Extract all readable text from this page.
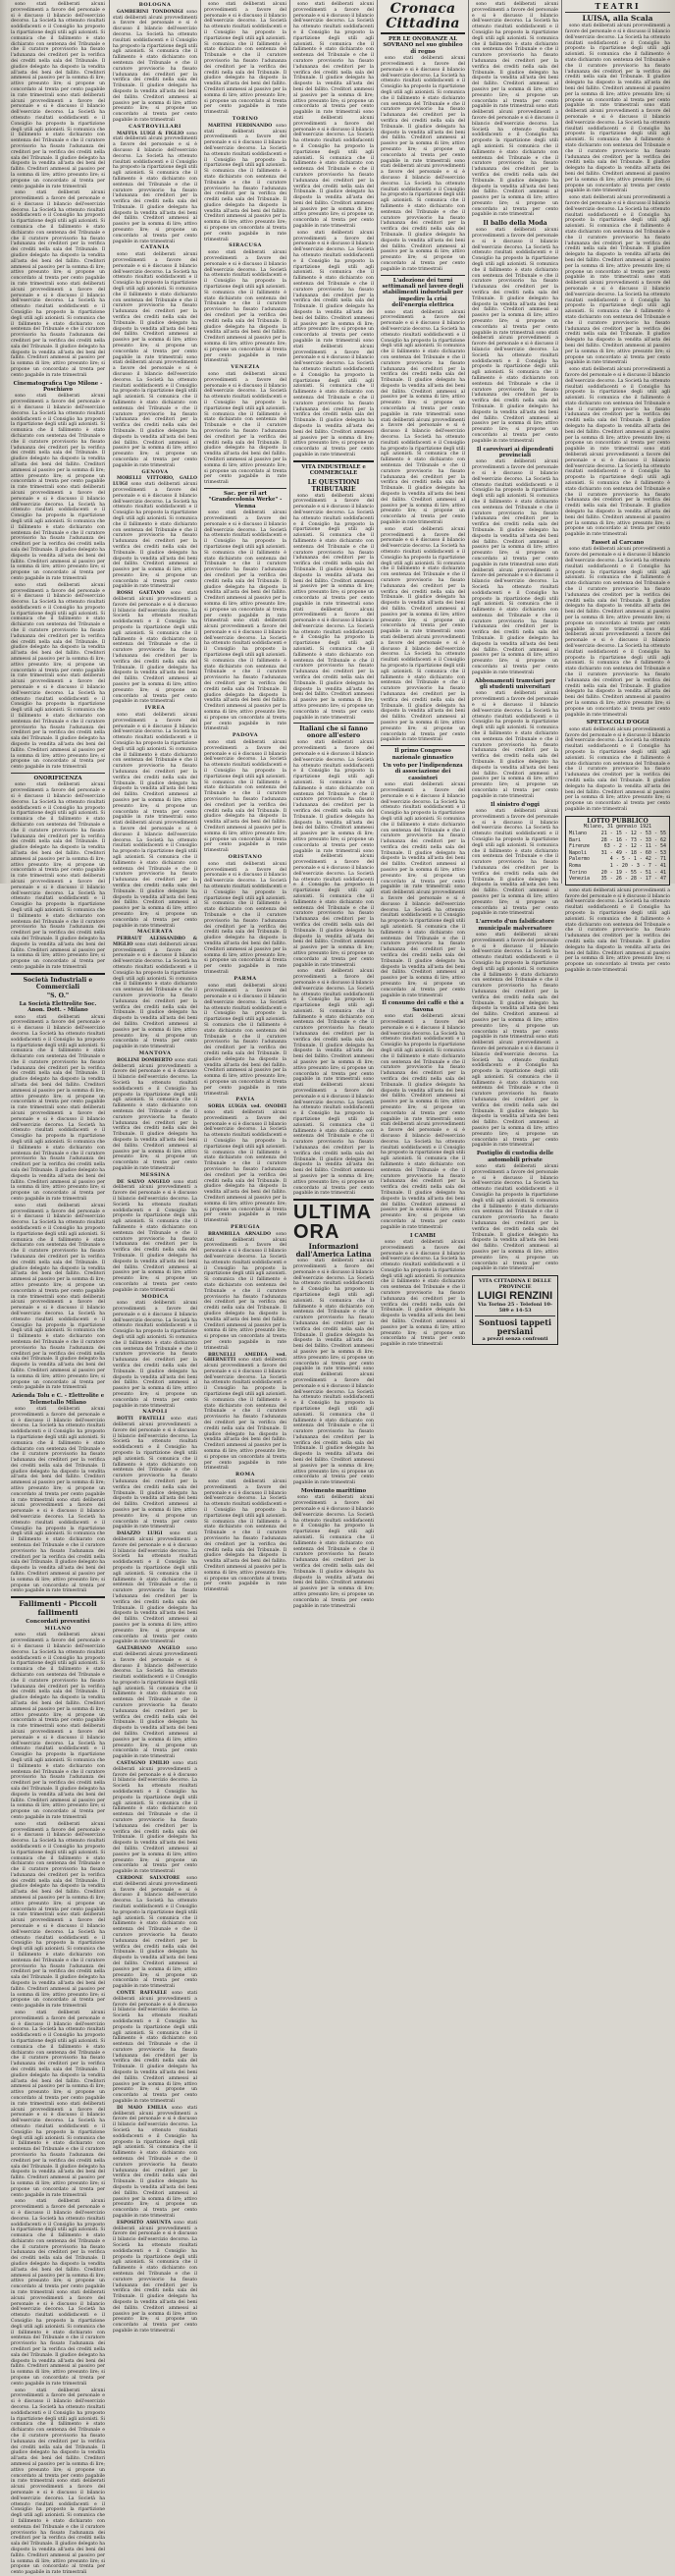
sono stati deliberati alcuni provvedimenti a favore del personale e si è discusso il bilancio dell'esercizio decorso. La Società ha ottenuto risultati soddisfacenti e il Consiglio ha proposto la ripartizione degli utili agli azionisti. Si comunica che il fallimento è stato dichiarato con sentenza del Tribunale e che il curatore provvisorio ha fissato l'adunanza dei creditori per la verifica dei crediti nella sala del Tribunale. Il giudice delegato ha disposto la vendita all'asta dei beni del fallito. Creditori ammessi al passivo per la somma di lire; attivo presunto lire; si propone un concordato al trenta per cento pagabile in rate trimestrali sono stati deliberati alcuni provvedimenti a favore del personale e si è discusso il bilancio dell'esercizio decorso. La Società ha ottenuto risultati soddisfacenti e il Consiglio ha proposto la ripartizione degli utili agli azionisti. Si comunica che il fallimento è stato dichiarato con sentenza del Tribunale e che il curatore provvisorio ha fissato l'adunanza dei creditori per la verifica dei crediti nella sala del Tribunale. Il giudice delegato ha disposto la vendita all'asta dei beni del fallito. Creditori ammessi al passivo per la somma di lire; attivo presunto lire; si propone un concordato al trenta per cento pagabile in rate trimestrali

sono stati deliberati alcuni provvedimenti a favore del personale e si è discusso il bilancio dell'esercizio decorso. La Società ha ottenuto risultati soddisfacenti e il Consiglio ha proposto la ripartizione degli utili agli azionisti. Si comunica che il fallimento è stato dichiarato con sentenza del Tribunale e che il curatore provvisorio ha fissato l'adunanza dei creditori per la verifica dei crediti nella sala del Tribunale. Il giudice delegato ha disposto la vendita all'asta dei beni del fallito. Creditori ammessi al passivo per la somma di lire; attivo presunto lire; si propone un concordato al trenta per cento pagabile in rate trimestrali sono stati deliberati alcuni provvedimenti a favore del personale e si è discusso il bilancio dell'esercizio decorso. La Società ha ottenuto risultati soddisfacenti e il Consiglio ha proposto la ripartizione degli utili agli azionisti. Si comunica che il fallimento è stato dichiarato con sentenza del Tribunale e che il curatore provvisorio ha fissato l'adunanza dei creditori per la verifica dei crediti nella sala del Tribunale. Il giudice delegato ha disposto la vendita all'asta dei beni del fallito. Creditori ammessi al passivo per la somma di lire; attivo presunto lire; si propone un concordato al trenta per cento pagabile in rate trimestrali

Cinematografica Ugo Milone - Poschiavo

sono stati deliberati alcuni provvedimenti a favore del personale e si è discusso il bilancio dell'esercizio decorso. La Società ha ottenuto risultati soddisfacenti e il Consiglio ha proposto la ripartizione degli utili agli azionisti. Si comunica che il fallimento è stato dichiarato con sentenza del Tribunale e che il curatore provvisorio ha fissato l'adunanza dei creditori per la verifica dei crediti nella sala del Tribunale. Il giudice delegato ha disposto la vendita all'asta dei beni del fallito. Creditori ammessi al passivo per la somma di lire; attivo presunto lire; si propone un concordato al trenta per cento pagabile in rate trimestrali sono stati deliberati alcuni provvedimenti a favore del personale e si è discusso il bilancio dell'esercizio decorso. La Società ha ottenuto risultati soddisfacenti e il Consiglio ha proposto la ripartizione degli utili agli azionisti. Si comunica che il fallimento è stato dichiarato con sentenza del Tribunale e che il curatore provvisorio ha fissato l'adunanza dei creditori per la verifica dei crediti nella sala del Tribunale. Il giudice delegato ha disposto la vendita all'asta dei beni del fallito. Creditori ammessi al passivo per la somma di lire; attivo presunto lire; si propone un concordato al trenta per cento pagabile in rate trimestrali

sono stati deliberati alcuni provvedimenti a favore del personale e si è discusso il bilancio dell'esercizio decorso. La Società ha ottenuto risultati soddisfacenti e il Consiglio ha proposto la ripartizione degli utili agli azionisti. Si comunica che il fallimento è stato dichiarato con sentenza del Tribunale e che il curatore provvisorio ha fissato l'adunanza dei creditori per la verifica dei crediti nella sala del Tribunale. Il giudice delegato ha disposto la vendita all'asta dei beni del fallito. Creditori ammessi al passivo per la somma di lire; attivo presunto lire; si propone un concordato al trenta per cento pagabile in rate trimestrali sono stati deliberati alcuni provvedimenti a favore del personale e si è discusso il bilancio dell'esercizio decorso. La Società ha ottenuto risultati soddisfacenti e il Consiglio ha proposto la ripartizione degli utili agli azionisti. Si comunica che il fallimento è stato dichiarato con sentenza del Tribunale e che il curatore provvisorio ha fissato l'adunanza dei creditori per la verifica dei crediti nella sala del Tribunale. Il giudice delegato ha disposto la vendita all'asta dei beni del fallito. Creditori ammessi al passivo per la somma di lire; attivo presunto lire; si propone un concordato al trenta per cento pagabile in rate trimestrali

ONORIFICENZA

sono stati deliberati alcuni provvedimenti a favore del personale e si è discusso il bilancio dell'esercizio decorso. La Società ha ottenuto risultati soddisfacenti e il Consiglio ha proposto la ripartizione degli utili agli azionisti. Si comunica che il fallimento è stato dichiarato con sentenza del Tribunale e che il curatore provvisorio ha fissato l'adunanza dei creditori per la verifica dei crediti nella sala del Tribunale. Il giudice delegato ha disposto la vendita all'asta dei beni del fallito. Creditori ammessi al passivo per la somma di lire; attivo presunto lire; si propone un concordato al trenta per cento pagabile in rate trimestrali sono stati deliberati alcuni provvedimenti a favore del personale e si è discusso il bilancio dell'esercizio decorso. La Società ha ottenuto risultati soddisfacenti e il Consiglio ha proposto la ripartizione degli utili agli azionisti. Si comunica che il fallimento è stato dichiarato con sentenza del Tribunale e che il curatore provvisorio ha fissato l'adunanza dei creditori per la verifica dei crediti nella sala del Tribunale. Il giudice delegato ha disposto la vendita all'asta dei beni del fallito. Creditori ammessi al passivo per la somma di lire; attivo presunto lire; si propone un concordato al trenta per cento pagabile in rate trimestrali

Società Industriali e Commerciali
"S. O."
La Società Elettrolite Soc. Anon. Dott. - Milano

sono stati deliberati alcuni provvedimenti a favore del personale e si è discusso il bilancio dell'esercizio decorso. La Società ha ottenuto risultati soddisfacenti e il Consiglio ha proposto la ripartizione degli utili agli azionisti. Si comunica che il fallimento è stato dichiarato con sentenza del Tribunale e che il curatore provvisorio ha fissato l'adunanza dei creditori per la verifica dei crediti nella sala del Tribunale. Il giudice delegato ha disposto la vendita all'asta dei beni del fallito. Creditori ammessi al passivo per la somma di lire; attivo presunto lire; si propone un concordato al trenta per cento pagabile in rate trimestrali sono stati deliberati alcuni provvedimenti a favore del personale e si è discusso il bilancio dell'esercizio decorso. La Società ha ottenuto risultati soddisfacenti e il Consiglio ha proposto la ripartizione degli utili agli azionisti. Si comunica che il fallimento è stato dichiarato con sentenza del Tribunale e che il curatore provvisorio ha fissato l'adunanza dei creditori per la verifica dei crediti nella sala del Tribunale. Il giudice delegato ha disposto la vendita all'asta dei beni del fallito. Creditori ammessi al passivo per la somma di lire; attivo presunto lire; si propone un concordato al trenta per cento pagabile in rate trimestrali

sono stati deliberati alcuni provvedimenti a favore del personale e si è discusso il bilancio dell'esercizio decorso. La Società ha ottenuto risultati soddisfacenti e il Consiglio ha proposto la ripartizione degli utili agli azionisti. Si comunica che il fallimento è stato dichiarato con sentenza del Tribunale e che il curatore provvisorio ha fissato l'adunanza dei creditori per la verifica dei crediti nella sala del Tribunale. Il giudice delegato ha disposto la vendita all'asta dei beni del fallito. Creditori ammessi al passivo per la somma di lire; attivo presunto lire; si propone un concordato al trenta per cento pagabile in rate trimestrali sono stati deliberati alcuni provvedimenti a favore del personale e si è discusso il bilancio dell'esercizio decorso. La Società ha ottenuto risultati soddisfacenti e il Consiglio ha proposto la ripartizione degli utili agli azionisti. Si comunica che il fallimento è stato dichiarato con sentenza del Tribunale e che il curatore provvisorio ha fissato l'adunanza dei creditori per la verifica dei crediti nella sala del Tribunale. Il giudice delegato ha disposto la vendita all'asta dei beni del fallito. Creditori ammessi al passivo per la somma di lire; attivo presunto lire; si propone un concordato al trenta per cento pagabile in rate trimestrali

Azienda Tolu e C. - Elettrolite e Telemetallo Milano

sono stati deliberati alcuni provvedimenti a favore del personale e si è discusso il bilancio dell'esercizio decorso. La Società ha ottenuto risultati soddisfacenti e il Consiglio ha proposto la ripartizione degli utili agli azionisti. Si comunica che il fallimento è stato dichiarato con sentenza del Tribunale e che il curatore provvisorio ha fissato l'adunanza dei creditori per la verifica dei crediti nella sala del Tribunale. Il giudice delegato ha disposto la vendita all'asta dei beni del fallito. Creditori ammessi al passivo per la somma di lire; attivo presunto lire; si propone un concordato al trenta per cento pagabile in rate trimestrali sono stati deliberati alcuni provvedimenti a favore del personale e si è discusso il bilancio dell'esercizio decorso. La Società ha ottenuto risultati soddisfacenti e il Consiglio ha proposto la ripartizione degli utili agli azionisti. Si comunica che il fallimento è stato dichiarato con sentenza del Tribunale e che il curatore provvisorio ha fissato l'adunanza dei creditori per la verifica dei crediti nella sala del Tribunale. Il giudice delegato ha disposto la vendita all'asta dei beni del fallito. Creditori ammessi al passivo per la somma di lire; attivo presunto lire; si propone un concordato al trenta per cento pagabile in rate trimestrali

Fallimenti - Piccoli fallimenti
Concordati preventivi
MILANO

sono stati deliberati alcuni provvedimenti a favore del personale e si è discusso il bilancio dell'esercizio decorso. La Società ha ottenuto risultati soddisfacenti e il Consiglio ha proposto la ripartizione degli utili agli azionisti. Si comunica che il fallimento è stato dichiarato con sentenza del Tribunale e che il curatore provvisorio ha fissato l'adunanza dei creditori per la verifica dei crediti nella sala del Tribunale. Il giudice delegato ha disposto la vendita all'asta dei beni del fallito. Creditori ammessi al passivo per la somma di lire; attivo presunto lire; si propone un concordato al trenta per cento pagabile in rate trimestrali sono stati deliberati alcuni provvedimenti a favore del personale e si è discusso il bilancio dell'esercizio decorso. La Società ha ottenuto risultati soddisfacenti e il Consiglio ha proposto la ripartizione degli utili agli azionisti. Si comunica che il fallimento è stato dichiarato con sentenza del Tribunale e che il curatore provvisorio ha fissato l'adunanza dei creditori per la verifica dei crediti nella sala del Tribunale. Il giudice delegato ha disposto la vendita all'asta dei beni del fallito. Creditori ammessi al passivo per la somma di lire; attivo presunto lire; si propone un concordato al trenta per cento pagabile in rate trimestrali

sono stati deliberati alcuni provvedimenti a favore del personale e si è discusso il bilancio dell'esercizio decorso. La Società ha ottenuto risultati soddisfacenti e il Consiglio ha proposto la ripartizione degli utili agli azionisti. Si comunica che il fallimento è stato dichiarato con sentenza del Tribunale e che il curatore provvisorio ha fissato l'adunanza dei creditori per la verifica dei crediti nella sala del Tribunale. Il giudice delegato ha disposto la vendita all'asta dei beni del fallito. Creditori ammessi al passivo per la somma di lire; attivo presunto lire; si propone un concordato al trenta per cento pagabile in rate trimestrali sono stati deliberati alcuni provvedimenti a favore del personale e si è discusso il bilancio dell'esercizio decorso. La Società ha ottenuto risultati soddisfacenti e il Consiglio ha proposto la ripartizione degli utili agli azionisti. Si comunica che il fallimento è stato dichiarato con sentenza del Tribunale e che il curatore provvisorio ha fissato l'adunanza dei creditori per la verifica dei crediti nella sala del Tribunale. Il giudice delegato ha disposto la vendita all'asta dei beni del fallito. Creditori ammessi al passivo per la somma di lire; attivo presunto lire; si propone un concordato al trenta per cento pagabile in rate trimestrali

sono stati deliberati alcuni provvedimenti a favore del personale e si è discusso il bilancio dell'esercizio decorso. La Società ha ottenuto risultati soddisfacenti e il Consiglio ha proposto la ripartizione degli utili agli azionisti. Si comunica che il fallimento è stato dichiarato con sentenza del Tribunale e che il curatore provvisorio ha fissato l'adunanza dei creditori per la verifica dei crediti nella sala del Tribunale. Il giudice delegato ha disposto la vendita all'asta dei beni del fallito. Creditori ammessi al passivo per la somma di lire; attivo presunto lire; si propone un concordato al trenta per cento pagabile in rate trimestrali sono stati deliberati alcuni provvedimenti a favore del personale e si è discusso il bilancio dell'esercizio decorso. La Società ha ottenuto risultati soddisfacenti e il Consiglio ha proposto la ripartizione degli utili agli azionisti. Si comunica che il fallimento è stato dichiarato con sentenza del Tribunale e che il curatore provvisorio ha fissato l'adunanza dei creditori per la verifica dei crediti nella sala del Tribunale. Il giudice delegato ha disposto la vendita all'asta dei beni del fallito. Creditori ammessi al passivo per la somma di lire; attivo presunto lire; si propone un concordato al trenta per cento pagabile in rate trimestrali

sono stati deliberati alcuni provvedimenti a favore del personale e si è discusso il bilancio dell'esercizio decorso. La Società ha ottenuto risultati soddisfacenti e il Consiglio ha proposto la ripartizione degli utili agli azionisti. Si comunica che il fallimento è stato dichiarato con sentenza del Tribunale e che il curatore provvisorio ha fissato l'adunanza dei creditori per la verifica dei crediti nella sala del Tribunale. Il giudice delegato ha disposto la vendita all'asta dei beni del fallito. Creditori ammessi al passivo per la somma di lire; attivo presunto lire; si propone un concordato al trenta per cento pagabile in rate trimestrali sono stati deliberati alcuni provvedimenti a favore del personale e si è discusso il bilancio dell'esercizio decorso. La Società ha ottenuto risultati soddisfacenti e il Consiglio ha proposto la ripartizione degli utili agli azionisti. Si comunica che il fallimento è stato dichiarato con sentenza del Tribunale e che il curatore provvisorio ha fissato l'adunanza dei creditori per la verifica dei crediti nella sala del Tribunale. Il giudice delegato ha disposto la vendita all'asta dei beni del fallito. Creditori ammessi al passivo per la somma di lire; attivo presunto lire; si propone un concordato al trenta per cento pagabile in rate trimestrali

sono stati deliberati alcuni provvedimenti a favore del personale e si è discusso il bilancio dell'esercizio decorso. La Società ha ottenuto risultati soddisfacenti e il Consiglio ha proposto la ripartizione degli utili agli azionisti. Si comunica che il fallimento è stato dichiarato con sentenza del Tribunale e che il curatore provvisorio ha fissato l'adunanza dei creditori per la verifica dei crediti nella sala del Tribunale. Il giudice delegato ha disposto la vendita all'asta dei beni del fallito. Creditori ammessi al passivo per la somma di lire; attivo presunto lire; si propone un concordato al trenta per cento pagabile in rate trimestrali sono stati deliberati alcuni provvedimenti a favore del personale e si è discusso il bilancio dell'esercizio decorso. La Società ha ottenuto risultati soddisfacenti e il Consiglio ha proposto la ripartizione degli utili agli azionisti. Si comunica che il fallimento è stato dichiarato con sentenza del Tribunale e che il curatore provvisorio ha fissato l'adunanza dei creditori per la verifica dei crediti nella sala del Tribunale. Il giudice delegato ha disposto la vendita all'asta dei beni del fallito. Creditori ammessi al passivo per la somma di lire; attivo presunto lire; si propone un concordato al trenta per cento pagabile in rate trimestrali

BOLOGNA

GAMBERINI TONDONIGI sono stati deliberati alcuni provvedimenti a favore del personale e si è discusso il bilancio dell'esercizio decorso. La Società ha ottenuto risultati soddisfacenti e il Consiglio ha proposto la ripartizione degli utili agli azionisti. Si comunica che il fallimento è stato dichiarato con sentenza del Tribunale e che il curatore provvisorio ha fissato l'adunanza dei creditori per la verifica dei crediti nella sala del Tribunale. Il giudice delegato ha disposto la vendita all'asta dei beni del fallito. Creditori ammessi al passivo per la somma di lire; attivo presunto lire; si propone un concordato al trenta per cento pagabile in rate trimestrali

CASTROVILLARI

MAFFIA LUIGI & FIGLIO sono stati deliberati alcuni provvedimenti a favore del personale e si è discusso il bilancio dell'esercizio decorso. La Società ha ottenuto risultati soddisfacenti e il Consiglio ha proposto la ripartizione degli utili agli azionisti. Si comunica che il fallimento è stato dichiarato con sentenza del Tribunale e che il curatore provvisorio ha fissato l'adunanza dei creditori per la verifica dei crediti nella sala del Tribunale. Il giudice delegato ha disposto la vendita all'asta dei beni del fallito. Creditori ammessi al passivo per la somma di lire; attivo presunto lire; si propone un concordato al trenta per cento pagabile in rate trimestrali

CATANIA

sono stati deliberati alcuni provvedimenti a favore del personale e si è discusso il bilancio dell'esercizio decorso. La Società ha ottenuto risultati soddisfacenti e il Consiglio ha proposto la ripartizione degli utili agli azionisti. Si comunica che il fallimento è stato dichiarato con sentenza del Tribunale e che il curatore provvisorio ha fissato l'adunanza dei creditori per la verifica dei crediti nella sala del Tribunale. Il giudice delegato ha disposto la vendita all'asta dei beni del fallito. Creditori ammessi al passivo per la somma di lire; attivo presunto lire; si propone un concordato al trenta per cento pagabile in rate trimestrali sono stati deliberati alcuni provvedimenti a favore del personale e si è discusso il bilancio dell'esercizio decorso. La Società ha ottenuto risultati soddisfacenti e il Consiglio ha proposto la ripartizione degli utili agli azionisti. Si comunica che il fallimento è stato dichiarato con sentenza del Tribunale e che il curatore provvisorio ha fissato l'adunanza dei creditori per la verifica dei crediti nella sala del Tribunale. Il giudice delegato ha disposto la vendita all'asta dei beni del fallito. Creditori ammessi al passivo per la somma di lire; attivo presunto lire; si propone un concordato al trenta per cento pagabile in rate trimestrali

GENOVA

MORELLI VITTORIO, GALLO LUIGI sono stati deliberati alcuni provvedimenti a favore del personale e si è discusso il bilancio dell'esercizio decorso. La Società ha ottenuto risultati soddisfacenti e il Consiglio ha proposto la ripartizione degli utili agli azionisti. Si comunica che il fallimento è stato dichiarato con sentenza del Tribunale e che il curatore provvisorio ha fissato l'adunanza dei creditori per la verifica dei crediti nella sala del Tribunale. Il giudice delegato ha disposto la vendita all'asta dei beni del fallito. Creditori ammessi al passivo per la somma di lire; attivo presunto lire; si propone un concordato al trenta per cento pagabile in rate trimestrali

ROSSI GAETANO sono stati deliberati alcuni provvedimenti a favore del personale e si è discusso il bilancio dell'esercizio decorso. La Società ha ottenuto risultati soddisfacenti e il Consiglio ha proposto la ripartizione degli utili agli azionisti. Si comunica che il fallimento è stato dichiarato con sentenza del Tribunale e che il curatore provvisorio ha fissato l'adunanza dei creditori per la verifica dei crediti nella sala del Tribunale. Il giudice delegato ha disposto la vendita all'asta dei beni del fallito. Creditori ammessi al passivo per la somma di lire; attivo presunto lire; si propone un concordato al trenta per cento pagabile in rate trimestrali

IVREA

sono stati deliberati alcuni provvedimenti a favore del personale e si è discusso il bilancio dell'esercizio decorso. La Società ha ottenuto risultati soddisfacenti e il Consiglio ha proposto la ripartizione degli utili agli azionisti. Si comunica che il fallimento è stato dichiarato con sentenza del Tribunale e che il curatore provvisorio ha fissato l'adunanza dei creditori per la verifica dei crediti nella sala del Tribunale. Il giudice delegato ha disposto la vendita all'asta dei beni del fallito. Creditori ammessi al passivo per la somma di lire; attivo presunto lire; si propone un concordato al trenta per cento pagabile in rate trimestrali sono stati deliberati alcuni provvedimenti a favore del personale e si è discusso il bilancio dell'esercizio decorso. La Società ha ottenuto risultati soddisfacenti e il Consiglio ha proposto la ripartizione degli utili agli azionisti. Si comunica che il fallimento è stato dichiarato con sentenza del Tribunale e che il curatore provvisorio ha fissato l'adunanza dei creditori per la verifica dei crediti nella sala del Tribunale. Il giudice delegato ha disposto la vendita all'asta dei beni del fallito. Creditori ammessi al passivo per la somma di lire; attivo presunto lire; si propone un concordato al trenta per cento pagabile in rate trimestrali

MACERATA

PERRAUT ALESSANDRO & MIGLIO sono stati deliberati alcuni provvedimenti a favore del personale e si è discusso il bilancio dell'esercizio decorso. La Società ha ottenuto risultati soddisfacenti e il Consiglio ha proposto la ripartizione degli utili agli azionisti. Si comunica che il fallimento è stato dichiarato con sentenza del Tribunale e che il curatore provvisorio ha fissato l'adunanza dei creditori per la verifica dei crediti nella sala del Tribunale. Il giudice delegato ha disposto la vendita all'asta dei beni del fallito. Creditori ammessi al passivo per la somma di lire; attivo presunto lire; si propone un concordato al trenta per cento pagabile in rate trimestrali

MANTOVA

BOLLINI DOMBERTO sono stati deliberati alcuni provvedimenti a favore del personale e si è discusso il bilancio dell'esercizio decorso. La Società ha ottenuto risultati soddisfacenti e il Consiglio ha proposto la ripartizione degli utili agli azionisti. Si comunica che il fallimento è stato dichiarato con sentenza del Tribunale e che il curatore provvisorio ha fissato l'adunanza dei creditori per la verifica dei crediti nella sala del Tribunale. Il giudice delegato ha disposto la vendita all'asta dei beni del fallito. Creditori ammessi al passivo per la somma di lire; attivo presunto lire; si propone un concordato al trenta per cento pagabile in rate trimestrali

MESSINA

DE SALVO ANGELO sono stati deliberati alcuni provvedimenti a favore del personale e si è discusso il bilancio dell'esercizio decorso. La Società ha ottenuto risultati soddisfacenti e il Consiglio ha proposto la ripartizione degli utili agli azionisti. Si comunica che il fallimento è stato dichiarato con sentenza del Tribunale e che il curatore provvisorio ha fissato l'adunanza dei creditori per la verifica dei crediti nella sala del Tribunale. Il giudice delegato ha disposto la vendita all'asta dei beni del fallito. Creditori ammessi al passivo per la somma di lire; attivo presunto lire; si propone un concordato al trenta per cento pagabile in rate trimestrali

MODICA

sono stati deliberati alcuni provvedimenti a favore del personale e si è discusso il bilancio dell'esercizio decorso. La Società ha ottenuto risultati soddisfacenti e il Consiglio ha proposto la ripartizione degli utili agli azionisti. Si comunica che il fallimento è stato dichiarato con sentenza del Tribunale e che il curatore provvisorio ha fissato l'adunanza dei creditori per la verifica dei crediti nella sala del Tribunale. Il giudice delegato ha disposto la vendita all'asta dei beni del fallito. Creditori ammessi al passivo per la somma di lire; attivo presunto lire; si propone un concordato al trenta per cento pagabile in rate trimestrali

NAPOLI

BOTTI FRATELLI sono stati deliberati alcuni provvedimenti a favore del personale e si è discusso il bilancio dell'esercizio decorso. La Società ha ottenuto risultati soddisfacenti e il Consiglio ha proposto la ripartizione degli utili agli azionisti. Si comunica che il fallimento è stato dichiarato con sentenza del Tribunale e che il curatore provvisorio ha fissato l'adunanza dei creditori per la verifica dei crediti nella sala del Tribunale. Il giudice delegato ha disposto la vendita all'asta dei beni del fallito. Creditori ammessi al passivo per la somma di lire; attivo presunto lire; si propone un concordato al trenta per cento pagabile in rate trimestrali

DAIAZZO LUIGI sono stati deliberati alcuni provvedimenti a favore del personale e si è discusso il bilancio dell'esercizio decorso. La Società ha ottenuto risultati soddisfacenti e il Consiglio ha proposto la ripartizione degli utili agli azionisti. Si comunica che il fallimento è stato dichiarato con sentenza del Tribunale e che il curatore provvisorio ha fissato l'adunanza dei creditori per la verifica dei crediti nella sala del Tribunale. Il giudice delegato ha disposto la vendita all'asta dei beni del fallito. Creditori ammessi al passivo per la somma di lire; attivo presunto lire; si propone un concordato al trenta per cento pagabile in rate trimestrali

GALTABIANO ANGELO sono stati deliberati alcuni provvedimenti a favore del personale e si è discusso il bilancio dell'esercizio decorso. La Società ha ottenuto risultati soddisfacenti e il Consiglio ha proposto la ripartizione degli utili agli azionisti. Si comunica che il fallimento è stato dichiarato con sentenza del Tribunale e che il curatore provvisorio ha fissato l'adunanza dei creditori per la verifica dei crediti nella sala del Tribunale. Il giudice delegato ha disposto la vendita all'asta dei beni del fallito. Creditori ammessi al passivo per la somma di lire; attivo presunto lire; si propone un concordato al trenta per cento pagabile in rate trimestrali

CASTAGNO EMILIO sono stati deliberati alcuni provvedimenti a favore del personale e si è discusso il bilancio dell'esercizio decorso. La Società ha ottenuto risultati soddisfacenti e il Consiglio ha proposto la ripartizione degli utili agli azionisti. Si comunica che il fallimento è stato dichiarato con sentenza del Tribunale e che il curatore provvisorio ha fissato l'adunanza dei creditori per la verifica dei crediti nella sala del Tribunale. Il giudice delegato ha disposto la vendita all'asta dei beni del fallito. Creditori ammessi al passivo per la somma di lire; attivo presunto lire; si propone un concordato al trenta per cento pagabile in rate trimestrali

CERDONE SALVATORE sono stati deliberati alcuni provvedimenti a favore del personale e si è discusso il bilancio dell'esercizio decorso. La Società ha ottenuto risultati soddisfacenti e il Consiglio ha proposto la ripartizione degli utili agli azionisti. Si comunica che il fallimento è stato dichiarato con sentenza del Tribunale e che il curatore provvisorio ha fissato l'adunanza dei creditori per la verifica dei crediti nella sala del Tribunale. Il giudice delegato ha disposto la vendita all'asta dei beni del fallito. Creditori ammessi al passivo per la somma di lire; attivo presunto lire; si propone un concordato al trenta per cento pagabile in rate trimestrali

CONTE RAFFAELE sono stati deliberati alcuni provvedimenti a favore del personale e si è discusso il bilancio dell'esercizio decorso. La Società ha ottenuto risultati soddisfacenti e il Consiglio ha proposto la ripartizione degli utili agli azionisti. Si comunica che il fallimento è stato dichiarato con sentenza del Tribunale e che il curatore provvisorio ha fissato l'adunanza dei creditori per la verifica dei crediti nella sala del Tribunale. Il giudice delegato ha disposto la vendita all'asta dei beni del fallito. Creditori ammessi al passivo per la somma di lire; attivo presunto lire; si propone un concordato al trenta per cento pagabile in rate trimestrali

DI MAIO EMILIA sono stati deliberati alcuni provvedimenti a favore del personale e si è discusso il bilancio dell'esercizio decorso. La Società ha ottenuto risultati soddisfacenti e il Consiglio ha proposto la ripartizione degli utili agli azionisti. Si comunica che il fallimento è stato dichiarato con sentenza del Tribunale e che il curatore provvisorio ha fissato l'adunanza dei creditori per la verifica dei crediti nella sala del Tribunale. Il giudice delegato ha disposto la vendita all'asta dei beni del fallito. Creditori ammessi al passivo per la somma di lire; attivo presunto lire; si propone un concordato al trenta per cento pagabile in rate trimestrali

ESPOSITO ASSUNTA sono stati deliberati alcuni provvedimenti a favore del personale e si è discusso il bilancio dell'esercizio decorso. La Società ha ottenuto risultati soddisfacenti e il Consiglio ha proposto la ripartizione degli utili agli azionisti. Si comunica che il fallimento è stato dichiarato con sentenza del Tribunale e che il curatore provvisorio ha fissato l'adunanza dei creditori per la verifica dei crediti nella sala del Tribunale. Il giudice delegato ha disposto la vendita all'asta dei beni del fallito. Creditori ammessi al passivo per la somma di lire; attivo presunto lire; si propone un concordato al trenta per cento pagabile in rate trimestrali

sono stati deliberati alcuni provvedimenti a favore del personale e si è discusso il bilancio dell'esercizio decorso. La Società ha ottenuto risultati soddisfacenti e il Consiglio ha proposto la ripartizione degli utili agli azionisti. Si comunica che il fallimento è stato dichiarato con sentenza del Tribunale e che il curatore provvisorio ha fissato l'adunanza dei creditori per la verifica dei crediti nella sala del Tribunale. Il giudice delegato ha disposto la vendita all'asta dei beni del fallito. Creditori ammessi al passivo per la somma di lire; attivo presunto lire; si propone un concordato al trenta per cento pagabile in rate trimestrali

TORINO

MARTINI FERDINANDO sono stati deliberati alcuni provvedimenti a favore del personale e si è discusso il bilancio dell'esercizio decorso. La Società ha ottenuto risultati soddisfacenti e il Consiglio ha proposto la ripartizione degli utili agli azionisti. Si comunica che il fallimento è stato dichiarato con sentenza del Tribunale e che il curatore provvisorio ha fissato l'adunanza dei creditori per la verifica dei crediti nella sala del Tribunale. Il giudice delegato ha disposto la vendita all'asta dei beni del fallito. Creditori ammessi al passivo per la somma di lire; attivo presunto lire; si propone un concordato al trenta per cento pagabile in rate trimestrali

SIRACUSA

sono stati deliberati alcuni provvedimenti a favore del personale e si è discusso il bilancio dell'esercizio decorso. La Società ha ottenuto risultati soddisfacenti e il Consiglio ha proposto la ripartizione degli utili agli azionisti. Si comunica che il fallimento è stato dichiarato con sentenza del Tribunale e che il curatore provvisorio ha fissato l'adunanza dei creditori per la verifica dei crediti nella sala del Tribunale. Il giudice delegato ha disposto la vendita all'asta dei beni del fallito. Creditori ammessi al passivo per la somma di lire; attivo presunto lire; si propone un concordato al trenta per cento pagabile in rate trimestrali

VENEZIA

sono stati deliberati alcuni provvedimenti a favore del personale e si è discusso il bilancio dell'esercizio decorso. La Società ha ottenuto risultati soddisfacenti e il Consiglio ha proposto la ripartizione degli utili agli azionisti. Si comunica che il fallimento è stato dichiarato con sentenza del Tribunale e che il curatore provvisorio ha fissato l'adunanza dei creditori per la verifica dei crediti nella sala del Tribunale. Il giudice delegato ha disposto la vendita all'asta dei beni del fallito. Creditori ammessi al passivo per la somma di lire; attivo presunto lire; si propone un concordato al trenta per cento pagabile in rate trimestrali

Sac. per ril art "Grandecolonia Werke" - Vienna

sono stati deliberati alcuni provvedimenti a favore del personale e si è discusso il bilancio dell'esercizio decorso. La Società ha ottenuto risultati soddisfacenti e il Consiglio ha proposto la ripartizione degli utili agli azionisti. Si comunica che il fallimento è stato dichiarato con sentenza del Tribunale e che il curatore provvisorio ha fissato l'adunanza dei creditori per la verifica dei crediti nella sala del Tribunale. Il giudice delegato ha disposto la vendita all'asta dei beni del fallito. Creditori ammessi al passivo per la somma di lire; attivo presunto lire; si propone un concordato al trenta per cento pagabile in rate trimestrali sono stati deliberati alcuni provvedimenti a favore del personale e si è discusso il bilancio dell'esercizio decorso. La Società ha ottenuto risultati soddisfacenti e il Consiglio ha proposto la ripartizione degli utili agli azionisti. Si comunica che il fallimento è stato dichiarato con sentenza del Tribunale e che il curatore provvisorio ha fissato l'adunanza dei creditori per la verifica dei crediti nella sala del Tribunale. Il giudice delegato ha disposto la vendita all'asta dei beni del fallito. Creditori ammessi al passivo per la somma di lire; attivo presunto lire; si propone un concordato al trenta per cento pagabile in rate trimestrali

PADOVA

sono stati deliberati alcuni provvedimenti a favore del personale e si è discusso il bilancio dell'esercizio decorso. La Società ha ottenuto risultati soddisfacenti e il Consiglio ha proposto la ripartizione degli utili agli azionisti. Si comunica che il fallimento è stato dichiarato con sentenza del Tribunale e che il curatore provvisorio ha fissato l'adunanza dei creditori per la verifica dei crediti nella sala del Tribunale. Il giudice delegato ha disposto la vendita all'asta dei beni del fallito. Creditori ammessi al passivo per la somma di lire; attivo presunto lire; si propone un concordato al trenta per cento pagabile in rate trimestrali

ORISTANO

sono stati deliberati alcuni provvedimenti a favore del personale e si è discusso il bilancio dell'esercizio decorso. La Società ha ottenuto risultati soddisfacenti e il Consiglio ha proposto la ripartizione degli utili agli azionisti. Si comunica che il fallimento è stato dichiarato con sentenza del Tribunale e che il curatore provvisorio ha fissato l'adunanza dei creditori per la verifica dei crediti nella sala del Tribunale. Il giudice delegato ha disposto la vendita all'asta dei beni del fallito. Creditori ammessi al passivo per la somma di lire; attivo presunto lire; si propone un concordato al trenta per cento pagabile in rate trimestrali

PARMA

sono stati deliberati alcuni provvedimenti a favore del personale e si è discusso il bilancio dell'esercizio decorso. La Società ha ottenuto risultati soddisfacenti e il Consiglio ha proposto la ripartizione degli utili agli azionisti. Si comunica che il fallimento è stato dichiarato con sentenza del Tribunale e che il curatore provvisorio ha fissato l'adunanza dei creditori per la verifica dei crediti nella sala del Tribunale. Il giudice delegato ha disposto la vendita all'asta dei beni del fallito. Creditori ammessi al passivo per la somma di lire; attivo presunto lire; si propone un concordato al trenta per cento pagabile in rate trimestrali

PAVIA

SORIA LUIGIA ved. ONODEI sono stati deliberati alcuni provvedimenti a favore del personale e si è discusso il bilancio dell'esercizio decorso. La Società ha ottenuto risultati soddisfacenti e il Consiglio ha proposto la ripartizione degli utili agli azionisti. Si comunica che il fallimento è stato dichiarato con sentenza del Tribunale e che il curatore provvisorio ha fissato l'adunanza dei creditori per la verifica dei crediti nella sala del Tribunale. Il giudice delegato ha disposto la vendita all'asta dei beni del fallito. Creditori ammessi al passivo per la somma di lire; attivo presunto lire; si propone un concordato al trenta per cento pagabile in rate trimestrali

PERUGIA

BRAMBILLA ARNALDO sono stati deliberati alcuni provvedimenti a favore del personale e si è discusso il bilancio dell'esercizio decorso. La Società ha ottenuto risultati soddisfacenti e il Consiglio ha proposto la ripartizione degli utili agli azionisti. Si comunica che il fallimento è stato dichiarato con sentenza del Tribunale e che il curatore provvisorio ha fissato l'adunanza dei creditori per la verifica dei crediti nella sala del Tribunale. Il giudice delegato ha disposto la vendita all'asta dei beni del fallito. Creditori ammessi al passivo per la somma di lire; attivo presunto lire; si propone un concordato al trenta per cento pagabile in rate trimestrali

BRUNELLI AMEDEA ved. GHERNETTI sono stati deliberati alcuni provvedimenti a favore del personale e si è discusso il bilancio dell'esercizio decorso. La Società ha ottenuto risultati soddisfacenti e il Consiglio ha proposto la ripartizione degli utili agli azionisti. Si comunica che il fallimento è stato dichiarato con sentenza del Tribunale e che il curatore provvisorio ha fissato l'adunanza dei creditori per la verifica dei crediti nella sala del Tribunale. Il giudice delegato ha disposto la vendita all'asta dei beni del fallito. Creditori ammessi al passivo per la somma di lire; attivo presunto lire; si propone un concordato al trenta per cento pagabile in rate trimestrali

ROMA

sono stati deliberati alcuni provvedimenti a favore del personale e si è discusso il bilancio dell'esercizio decorso. La Società ha ottenuto risultati soddisfacenti e il Consiglio ha proposto la ripartizione degli utili agli azionisti. Si comunica che il fallimento è stato dichiarato con sentenza del Tribunale e che il curatore provvisorio ha fissato l'adunanza dei creditori per la verifica dei crediti nella sala del Tribunale. Il giudice delegato ha disposto la vendita all'asta dei beni del fallito. Creditori ammessi al passivo per la somma di lire; attivo presunto lire; si propone un concordato al trenta per cento pagabile in rate trimestrali

sono stati deliberati alcuni provvedimenti a favore del personale e si è discusso il bilancio dell'esercizio decorso. La Società ha ottenuto risultati soddisfacenti e il Consiglio ha proposto la ripartizione degli utili agli azionisti. Si comunica che il fallimento è stato dichiarato con sentenza del Tribunale e che il curatore provvisorio ha fissato l'adunanza dei creditori per la verifica dei crediti nella sala del Tribunale. Il giudice delegato ha disposto la vendita all'asta dei beni del fallito. Creditori ammessi al passivo per la somma di lire; attivo presunto lire; si propone un concordato al trenta per cento pagabile in rate trimestrali sono stati deliberati alcuni provvedimenti a favore del personale e si è discusso il bilancio dell'esercizio decorso. La Società ha ottenuto risultati soddisfacenti e il Consiglio ha proposto la ripartizione degli utili agli azionisti. Si comunica che il fallimento è stato dichiarato con sentenza del Tribunale e che il curatore provvisorio ha fissato l'adunanza dei creditori per la verifica dei crediti nella sala del Tribunale. Il giudice delegato ha disposto la vendita all'asta dei beni del fallito. Creditori ammessi al passivo per la somma di lire; attivo presunto lire; si propone un concordato al trenta per cento pagabile in rate trimestrali

sono stati deliberati alcuni provvedimenti a favore del personale e si è discusso il bilancio dell'esercizio decorso. La Società ha ottenuto risultati soddisfacenti e il Consiglio ha proposto la ripartizione degli utili agli azionisti. Si comunica che il fallimento è stato dichiarato con sentenza del Tribunale e che il curatore provvisorio ha fissato l'adunanza dei creditori per la verifica dei crediti nella sala del Tribunale. Il giudice delegato ha disposto la vendita all'asta dei beni del fallito. Creditori ammessi al passivo per la somma di lire; attivo presunto lire; si propone un concordato al trenta per cento pagabile in rate trimestrali sono stati deliberati alcuni provvedimenti a favore del personale e si è discusso il bilancio dell'esercizio decorso. La Società ha ottenuto risultati soddisfacenti e il Consiglio ha proposto la ripartizione degli utili agli azionisti. Si comunica che il fallimento è stato dichiarato con sentenza del Tribunale e che il curatore provvisorio ha fissato l'adunanza dei creditori per la verifica dei crediti nella sala del Tribunale. Il giudice delegato ha disposto la vendita all'asta dei beni del fallito. Creditori ammessi al passivo per la somma di lire; attivo presunto lire; si propone un concordato al trenta per cento pagabile in rate trimestrali

VITA INDUSTRIALE e COMMERCIALE
LE QUESTIONI TRIBUTARIE

sono stati deliberati alcuni provvedimenti a favore del personale e si è discusso il bilancio dell'esercizio decorso. La Società ha ottenuto risultati soddisfacenti e il Consiglio ha proposto la ripartizione degli utili agli azionisti. Si comunica che il fallimento è stato dichiarato con sentenza del Tribunale e che il curatore provvisorio ha fissato l'adunanza dei creditori per la verifica dei crediti nella sala del Tribunale. Il giudice delegato ha disposto la vendita all'asta dei beni del fallito. Creditori ammessi al passivo per la somma di lire; attivo presunto lire; si propone un concordato al trenta per cento pagabile in rate trimestrali sono stati deliberati alcuni provvedimenti a favore del personale e si è discusso il bilancio dell'esercizio decorso. La Società ha ottenuto risultati soddisfacenti e il Consiglio ha proposto la ripartizione degli utili agli azionisti. Si comunica che il fallimento è stato dichiarato con sentenza del Tribunale e che il curatore provvisorio ha fissato l'adunanza dei creditori per la verifica dei crediti nella sala del Tribunale. Il giudice delegato ha disposto la vendita all'asta dei beni del fallito. Creditori ammessi al passivo per la somma di lire; attivo presunto lire; si propone un concordato al trenta per cento pagabile in rate trimestrali

Italiani che si fanno onore all'estero

sono stati deliberati alcuni provvedimenti a favore del personale e si è discusso il bilancio dell'esercizio decorso. La Società ha ottenuto risultati soddisfacenti e il Consiglio ha proposto la ripartizione degli utili agli azionisti. Si comunica che il fallimento è stato dichiarato con sentenza del Tribunale e che il curatore provvisorio ha fissato l'adunanza dei creditori per la verifica dei crediti nella sala del Tribunale. Il giudice delegato ha disposto la vendita all'asta dei beni del fallito. Creditori ammessi al passivo per la somma di lire; attivo presunto lire; si propone un concordato al trenta per cento pagabile in rate trimestrali sono stati deliberati alcuni provvedimenti a favore del personale e si è discusso il bilancio dell'esercizio decorso. La Società ha ottenuto risultati soddisfacenti e il Consiglio ha proposto la ripartizione degli utili agli azionisti. Si comunica che il fallimento è stato dichiarato con sentenza del Tribunale e che il curatore provvisorio ha fissato l'adunanza dei creditori per la verifica dei crediti nella sala del Tribunale. Il giudice delegato ha disposto la vendita all'asta dei beni del fallito. Creditori ammessi al passivo per la somma di lire; attivo presunto lire; si propone un concordato al trenta per cento pagabile in rate trimestrali

sono stati deliberati alcuni provvedimenti a favore del personale e si è discusso il bilancio dell'esercizio decorso. La Società ha ottenuto risultati soddisfacenti e il Consiglio ha proposto la ripartizione degli utili agli azionisti. Si comunica che il fallimento è stato dichiarato con sentenza del Tribunale e che il curatore provvisorio ha fissato l'adunanza dei creditori per la verifica dei crediti nella sala del Tribunale. Il giudice delegato ha disposto la vendita all'asta dei beni del fallito. Creditori ammessi al passivo per la somma di lire; attivo presunto lire; si propone un concordato al trenta per cento pagabile in rate trimestrali sono stati deliberati alcuni provvedimenti a favore del personale e si è discusso il bilancio dell'esercizio decorso. La Società ha ottenuto risultati soddisfacenti e il Consiglio ha proposto la ripartizione degli utili agli azionisti. Si comunica che il fallimento è stato dichiarato con sentenza del Tribunale e che il curatore provvisorio ha fissato l'adunanza dei creditori per la verifica dei crediti nella sala del Tribunale. Il giudice delegato ha disposto la vendita all'asta dei beni del fallito. Creditori ammessi al passivo per la somma di lire; attivo presunto lire; si propone un concordato al trenta per cento pagabile in rate trimestrali

ULTIMA ORA
Informazioni dall'America Latina

sono stati deliberati alcuni provvedimenti a favore del personale e si è discusso il bilancio dell'esercizio decorso. La Società ha ottenuto risultati soddisfacenti e il Consiglio ha proposto la ripartizione degli utili agli azionisti. Si comunica che il fallimento è stato dichiarato con sentenza del Tribunale e che il curatore provvisorio ha fissato l'adunanza dei creditori per la verifica dei crediti nella sala del Tribunale. Il giudice delegato ha disposto la vendita all'asta dei beni del fallito. Creditori ammessi al passivo per la somma di lire; attivo presunto lire; si propone un concordato al trenta per cento pagabile in rate trimestrali sono stati deliberati alcuni provvedimenti a favore del personale e si è discusso il bilancio dell'esercizio decorso. La Società ha ottenuto risultati soddisfacenti e il Consiglio ha proposto la ripartizione degli utili agli azionisti. Si comunica che il fallimento è stato dichiarato con sentenza del Tribunale e che il curatore provvisorio ha fissato l'adunanza dei creditori per la verifica dei crediti nella sala del Tribunale. Il giudice delegato ha disposto la vendita all'asta dei beni del fallito. Creditori ammessi al passivo per la somma di lire; attivo presunto lire; si propone un concordato al trenta per cento pagabile in rate trimestrali

Movimento marittimo

sono stati deliberati alcuni provvedimenti a favore del personale e si è discusso il bilancio dell'esercizio decorso. La Società ha ottenuto risultati soddisfacenti e il Consiglio ha proposto la ripartizione degli utili agli azionisti. Si comunica che il fallimento è stato dichiarato con sentenza del Tribunale e che il curatore provvisorio ha fissato l'adunanza dei creditori per la verifica dei crediti nella sala del Tribunale. Il giudice delegato ha disposto la vendita all'asta dei beni del fallito. Creditori ammessi al passivo per la somma di lire; attivo presunto lire; si propone un concordato al trenta per cento pagabile in rate trimestrali

Cronaca Cittadina
PER LE ONORANZE AL SOVRANO nel suo giubileo di regno

sono stati deliberati alcuni provvedimenti a favore del personale e si è discusso il bilancio dell'esercizio decorso. La Società ha ottenuto risultati soddisfacenti e il Consiglio ha proposto la ripartizione degli utili agli azionisti. Si comunica che il fallimento è stato dichiarato con sentenza del Tribunale e che il curatore provvisorio ha fissato l'adunanza dei creditori per la verifica dei crediti nella sala del Tribunale. Il giudice delegato ha disposto la vendita all'asta dei beni del fallito. Creditori ammessi al passivo per la somma di lire; attivo presunto lire; si propone un concordato al trenta per cento pagabile in rate trimestrali sono stati deliberati alcuni provvedimenti a favore del personale e si è discusso il bilancio dell'esercizio decorso. La Società ha ottenuto risultati soddisfacenti e il Consiglio ha proposto la ripartizione degli utili agli azionisti. Si comunica che il fallimento è stato dichiarato con sentenza del Tribunale e che il curatore provvisorio ha fissato l'adunanza dei creditori per la verifica dei crediti nella sala del Tribunale. Il giudice delegato ha disposto la vendita all'asta dei beni del fallito. Creditori ammessi al passivo per la somma di lire; attivo presunto lire; si propone un concordato al trenta per cento pagabile in rate trimestrali

L'adozione dei turni settimanali nel lavoro degli stabilimenti industriali per impedire la crisi dell'energia elettrica

sono stati deliberati alcuni provvedimenti a favore del personale e si è discusso il bilancio dell'esercizio decorso. La Società ha ottenuto risultati soddisfacenti e il Consiglio ha proposto la ripartizione degli utili agli azionisti. Si comunica che il fallimento è stato dichiarato con sentenza del Tribunale e che il curatore provvisorio ha fissato l'adunanza dei creditori per la verifica dei crediti nella sala del Tribunale. Il giudice delegato ha disposto la vendita all'asta dei beni del fallito. Creditori ammessi al passivo per la somma di lire; attivo presunto lire; si propone un concordato al trenta per cento pagabile in rate trimestrali sono stati deliberati alcuni provvedimenti a favore del personale e si è discusso il bilancio dell'esercizio decorso. La Società ha ottenuto risultati soddisfacenti e il Consiglio ha proposto la ripartizione degli utili agli azionisti. Si comunica che il fallimento è stato dichiarato con sentenza del Tribunale e che il curatore provvisorio ha fissato l'adunanza dei creditori per la verifica dei crediti nella sala del Tribunale. Il giudice delegato ha disposto la vendita all'asta dei beni del fallito. Creditori ammessi al passivo per la somma di lire; attivo presunto lire; si propone un concordato al trenta per cento pagabile in rate trimestrali

sono stati deliberati alcuni provvedimenti a favore del personale e si è discusso il bilancio dell'esercizio decorso. La Società ha ottenuto risultati soddisfacenti e il Consiglio ha proposto la ripartizione degli utili agli azionisti. Si comunica che il fallimento è stato dichiarato con sentenza del Tribunale e che il curatore provvisorio ha fissato l'adunanza dei creditori per la verifica dei crediti nella sala del Tribunale. Il giudice delegato ha disposto la vendita all'asta dei beni del fallito. Creditori ammessi al passivo per la somma di lire; attivo presunto lire; si propone un concordato al trenta per cento pagabile in rate trimestrali sono stati deliberati alcuni provvedimenti a favore del personale e si è discusso il bilancio dell'esercizio decorso. La Società ha ottenuto risultati soddisfacenti e il Consiglio ha proposto la ripartizione degli utili agli azionisti. Si comunica che il fallimento è stato dichiarato con sentenza del Tribunale e che il curatore provvisorio ha fissato l'adunanza dei creditori per la verifica dei crediti nella sala del Tribunale. Il giudice delegato ha disposto la vendita all'asta dei beni del fallito. Creditori ammessi al passivo per la somma di lire; attivo presunto lire; si propone un concordato al trenta per cento pagabile in rate trimestrali

Il primo Congresso nazionale ginnastico
Un voto per l'indipendenza di associazione dei cassintori

sono stati deliberati alcuni provvedimenti a favore del personale e si è discusso il bilancio dell'esercizio decorso. La Società ha ottenuto risultati soddisfacenti e il Consiglio ha proposto la ripartizione degli utili agli azionisti. Si comunica che il fallimento è stato dichiarato con sentenza del Tribunale e che il curatore provvisorio ha fissato l'adunanza dei creditori per la verifica dei crediti nella sala del Tribunale. Il giudice delegato ha disposto la vendita all'asta dei beni del fallito. Creditori ammessi al passivo per la somma di lire; attivo presunto lire; si propone un concordato al trenta per cento pagabile in rate trimestrali sono stati deliberati alcuni provvedimenti a favore del personale e si è discusso il bilancio dell'esercizio decorso. La Società ha ottenuto risultati soddisfacenti e il Consiglio ha proposto la ripartizione degli utili agli azionisti. Si comunica che il fallimento è stato dichiarato con sentenza del Tribunale e che il curatore provvisorio ha fissato l'adunanza dei creditori per la verifica dei crediti nella sala del Tribunale. Il giudice delegato ha disposto la vendita all'asta dei beni del fallito. Creditori ammessi al passivo per la somma di lire; attivo presunto lire; si propone un concordato al trenta per cento pagabile in rate trimestrali

Il consumo dei caffè e thè a Savona

sono stati deliberati alcuni provvedimenti a favore del personale e si è discusso il bilancio dell'esercizio decorso. La Società ha ottenuto risultati soddisfacenti e il Consiglio ha proposto la ripartizione degli utili agli azionisti. Si comunica che il fallimento è stato dichiarato con sentenza del Tribunale e che il curatore provvisorio ha fissato l'adunanza dei creditori per la verifica dei crediti nella sala del Tribunale. Il giudice delegato ha disposto la vendita all'asta dei beni del fallito. Creditori ammessi al passivo per la somma di lire; attivo presunto lire; si propone un concordato al trenta per cento pagabile in rate trimestrali sono stati deliberati alcuni provvedimenti a favore del personale e si è discusso il bilancio dell'esercizio decorso. La Società ha ottenuto risultati soddisfacenti e il Consiglio ha proposto la ripartizione degli utili agli azionisti. Si comunica che il fallimento è stato dichiarato con sentenza del Tribunale e che il curatore provvisorio ha fissato l'adunanza dei creditori per la verifica dei crediti nella sala del Tribunale. Il giudice delegato ha disposto la vendita all'asta dei beni del fallito. Creditori ammessi al passivo per la somma di lire; attivo presunto lire; si propone un concordato al trenta per cento pagabile in rate trimestrali

I CAMBI

sono stati deliberati alcuni provvedimenti a favore del personale e si è discusso il bilancio dell'esercizio decorso. La Società ha ottenuto risultati soddisfacenti e il Consiglio ha proposto la ripartizione degli utili agli azionisti. Si comunica che il fallimento è stato dichiarato con sentenza del Tribunale e che il curatore provvisorio ha fissato l'adunanza dei creditori per la verifica dei crediti nella sala del Tribunale. Il giudice delegato ha disposto la vendita all'asta dei beni del fallito. Creditori ammessi al passivo per la somma di lire; attivo presunto lire; si propone un concordato al trenta per cento pagabile in rate trimestrali

sono stati deliberati alcuni provvedimenti a favore del personale e si è discusso il bilancio dell'esercizio decorso. La Società ha ottenuto risultati soddisfacenti e il Consiglio ha proposto la ripartizione degli utili agli azionisti. Si comunica che il fallimento è stato dichiarato con sentenza del Tribunale e che il curatore provvisorio ha fissato l'adunanza dei creditori per la verifica dei crediti nella sala del Tribunale. Il giudice delegato ha disposto la vendita all'asta dei beni del fallito. Creditori ammessi al passivo per la somma di lire; attivo presunto lire; si propone un concordato al trenta per cento pagabile in rate trimestrali sono stati deliberati alcuni provvedimenti a favore del personale e si è discusso il bilancio dell'esercizio decorso. La Società ha ottenuto risultati soddisfacenti e il Consiglio ha proposto la ripartizione degli utili agli azionisti. Si comunica che il fallimento è stato dichiarato con sentenza del Tribunale e che il curatore provvisorio ha fissato l'adunanza dei creditori per la verifica dei crediti nella sala del Tribunale. Il giudice delegato ha disposto la vendita all'asta dei beni del fallito. Creditori ammessi al passivo per la somma di lire; attivo presunto lire; si propone un concordato al trenta per cento pagabile in rate trimestrali

Il ballo della Moda

sono stati deliberati alcuni provvedimenti a favore del personale e si è discusso il bilancio dell'esercizio decorso. La Società ha ottenuto risultati soddisfacenti e il Consiglio ha proposto la ripartizione degli utili agli azionisti. Si comunica che il fallimento è stato dichiarato con sentenza del Tribunale e che il curatore provvisorio ha fissato l'adunanza dei creditori per la verifica dei crediti nella sala del Tribunale. Il giudice delegato ha disposto la vendita all'asta dei beni del fallito. Creditori ammessi al passivo per la somma di lire; attivo presunto lire; si propone un concordato al trenta per cento pagabile in rate trimestrali sono stati deliberati alcuni provvedimenti a favore del personale e si è discusso il bilancio dell'esercizio decorso. La Società ha ottenuto risultati soddisfacenti e il Consiglio ha proposto la ripartizione degli utili agli azionisti. Si comunica che il fallimento è stato dichiarato con sentenza del Tribunale e che il curatore provvisorio ha fissato l'adunanza dei creditori per la verifica dei crediti nella sala del Tribunale. Il giudice delegato ha disposto la vendita all'asta dei beni del fallito. Creditori ammessi al passivo per la somma di lire; attivo presunto lire; si propone un concordato al trenta per cento pagabile in rate trimestrali

Il carovivari ai dipendenti provinciali

sono stati deliberati alcuni provvedimenti a favore del personale e si è discusso il bilancio dell'esercizio decorso. La Società ha ottenuto risultati soddisfacenti e il Consiglio ha proposto la ripartizione degli utili agli azionisti. Si comunica che il fallimento è stato dichiarato con sentenza del Tribunale e che il curatore provvisorio ha fissato l'adunanza dei creditori per la verifica dei crediti nella sala del Tribunale. Il giudice delegato ha disposto la vendita all'asta dei beni del fallito. Creditori ammessi al passivo per la somma di lire; attivo presunto lire; si propone un concordato al trenta per cento pagabile in rate trimestrali sono stati deliberati alcuni provvedimenti a favore del personale e si è discusso il bilancio dell'esercizio decorso. La Società ha ottenuto risultati soddisfacenti e il Consiglio ha proposto la ripartizione degli utili agli azionisti. Si comunica che il fallimento è stato dichiarato con sentenza del Tribunale e che il curatore provvisorio ha fissato l'adunanza dei creditori per la verifica dei crediti nella sala del Tribunale. Il giudice delegato ha disposto la vendita all'asta dei beni del fallito. Creditori ammessi al passivo per la somma di lire; attivo presunto lire; si propone un concordato al trenta per cento pagabile in rate trimestrali

Abbonamenti tramviari per gli studenti universitari

sono stati deliberati alcuni provvedimenti a favore del personale e si è discusso il bilancio dell'esercizio decorso. La Società ha ottenuto risultati soddisfacenti e il Consiglio ha proposto la ripartizione degli utili agli azionisti. Si comunica che il fallimento è stato dichiarato con sentenza del Tribunale e che il curatore provvisorio ha fissato l'adunanza dei creditori per la verifica dei crediti nella sala del Tribunale. Il giudice delegato ha disposto la vendita all'asta dei beni del fallito. Creditori ammessi al passivo per la somma di lire; attivo presunto lire; si propone un concordato al trenta per cento pagabile in rate trimestrali

Il sinistro d'oggi

sono stati deliberati alcuni provvedimenti a favore del personale e si è discusso il bilancio dell'esercizio decorso. La Società ha ottenuto risultati soddisfacenti e il Consiglio ha proposto la ripartizione degli utili agli azionisti. Si comunica che il fallimento è stato dichiarato con sentenza del Tribunale e che il curatore provvisorio ha fissato l'adunanza dei creditori per la verifica dei crediti nella sala del Tribunale. Il giudice delegato ha disposto la vendita all'asta dei beni del fallito. Creditori ammessi al passivo per la somma di lire; attivo presunto lire; si propone un concordato al trenta per cento pagabile in rate trimestrali

L'arresto d'un falsificatore municipale malversatore

sono stati deliberati alcuni provvedimenti a favore del personale e si è discusso il bilancio dell'esercizio decorso. La Società ha ottenuto risultati soddisfacenti e il Consiglio ha proposto la ripartizione degli utili agli azionisti. Si comunica che il fallimento è stato dichiarato con sentenza del Tribunale e che il curatore provvisorio ha fissato l'adunanza dei creditori per la verifica dei crediti nella sala del Tribunale. Il giudice delegato ha disposto la vendita all'asta dei beni del fallito. Creditori ammessi al passivo per la somma di lire; attivo presunto lire; si propone un concordato al trenta per cento pagabile in rate trimestrali sono stati deliberati alcuni provvedimenti a favore del personale e si è discusso il bilancio dell'esercizio decorso. La Società ha ottenuto risultati soddisfacenti e il Consiglio ha proposto la ripartizione degli utili agli azionisti. Si comunica che il fallimento è stato dichiarato con sentenza del Tribunale e che il curatore provvisorio ha fissato l'adunanza dei creditori per la verifica dei crediti nella sala del Tribunale. Il giudice delegato ha disposto la vendita all'asta dei beni del fallito. Creditori ammessi al passivo per la somma di lire; attivo presunto lire; si propone un concordato al trenta per cento pagabile in rate trimestrali

Postiglio di custodia delle automobili private

sono stati deliberati alcuni provvedimenti a favore del personale e si è discusso il bilancio dell'esercizio decorso. La Società ha ottenuto risultati soddisfacenti e il Consiglio ha proposto la ripartizione degli utili agli azionisti. Si comunica che il fallimento è stato dichiarato con sentenza del Tribunale e che il curatore provvisorio ha fissato l'adunanza dei creditori per la verifica dei crediti nella sala del Tribunale. Il giudice delegato ha disposto la vendita all'asta dei beni del fallito. Creditori ammessi al passivo per la somma di lire; attivo presunto lire; si propone un concordato al trenta per cento pagabile in rate trimestrali

VITA CITTADINA E DELLE PROVINCIE
LUIGI RENZINI
Via Torino 25 - Telefoni 10-589 e 14-53
Sontuosi tappeti persiani
a prezzi senza confronti
TEATRI
LUISA, alla Scala

sono stati deliberati alcuni provvedimenti a favore del personale e si è discusso il bilancio dell'esercizio decorso. La Società ha ottenuto risultati soddisfacenti e il Consiglio ha proposto la ripartizione degli utili agli azionisti. Si comunica che il fallimento è stato dichiarato con sentenza del Tribunale e che il curatore provvisorio ha fissato l'adunanza dei creditori per la verifica dei crediti nella sala del Tribunale. Il giudice delegato ha disposto la vendita all'asta dei beni del fallito. Creditori ammessi al passivo per la somma di lire; attivo presunto lire; si propone un concordato al trenta per cento pagabile in rate trimestrali sono stati deliberati alcuni provvedimenti a favore del personale e si è discusso il bilancio dell'esercizio decorso. La Società ha ottenuto risultati soddisfacenti e il Consiglio ha proposto la ripartizione degli utili agli azionisti. Si comunica che il fallimento è stato dichiarato con sentenza del Tribunale e che il curatore provvisorio ha fissato l'adunanza dei creditori per la verifica dei crediti nella sala del Tribunale. Il giudice delegato ha disposto la vendita all'asta dei beni del fallito. Creditori ammessi al passivo per la somma di lire; attivo presunto lire; si propone un concordato al trenta per cento pagabile in rate trimestrali

sono stati deliberati alcuni provvedimenti a favore del personale e si è discusso il bilancio dell'esercizio decorso. La Società ha ottenuto risultati soddisfacenti e il Consiglio ha proposto la ripartizione degli utili agli azionisti. Si comunica che il fallimento è stato dichiarato con sentenza del Tribunale e che il curatore provvisorio ha fissato l'adunanza dei creditori per la verifica dei crediti nella sala del Tribunale. Il giudice delegato ha disposto la vendita all'asta dei beni del fallito. Creditori ammessi al passivo per la somma di lire; attivo presunto lire; si propone un concordato al trenta per cento pagabile in rate trimestrali sono stati deliberati alcuni provvedimenti a favore del personale e si è discusso il bilancio dell'esercizio decorso. La Società ha ottenuto risultati soddisfacenti e il Consiglio ha proposto la ripartizione degli utili agli azionisti. Si comunica che il fallimento è stato dichiarato con sentenza del Tribunale e che il curatore provvisorio ha fissato l'adunanza dei creditori per la verifica dei crediti nella sala del Tribunale. Il giudice delegato ha disposto la vendita all'asta dei beni del fallito. Creditori ammessi al passivo per la somma di lire; attivo presunto lire; si propone un concordato al trenta per cento pagabile in rate trimestrali

sono stati deliberati alcuni provvedimenti a favore del personale e si è discusso il bilancio dell'esercizio decorso. La Società ha ottenuto risultati soddisfacenti e il Consiglio ha proposto la ripartizione degli utili agli azionisti. Si comunica che il fallimento è stato dichiarato con sentenza del Tribunale e che il curatore provvisorio ha fissato l'adunanza dei creditori per la verifica dei crediti nella sala del Tribunale. Il giudice delegato ha disposto la vendita all'asta dei beni del fallito. Creditori ammessi al passivo per la somma di lire; attivo presunto lire; si propone un concordato al trenta per cento pagabile in rate trimestrali sono stati deliberati alcuni provvedimenti a favore del personale e si è discusso il bilancio dell'esercizio decorso. La Società ha ottenuto risultati soddisfacenti e il Consiglio ha proposto la ripartizione degli utili agli azionisti. Si comunica che il fallimento è stato dichiarato con sentenza del Tribunale e che il curatore provvisorio ha fissato l'adunanza dei creditori per la verifica dei crediti nella sala del Tribunale. Il giudice delegato ha disposto la vendita all'asta dei beni del fallito. Creditori ammessi al passivo per la somma di lire; attivo presunto lire; si propone un concordato al trenta per cento pagabile in rate trimestrali

Fasset al Carcano

sono stati deliberati alcuni provvedimenti a favore del personale e si è discusso il bilancio dell'esercizio decorso. La Società ha ottenuto risultati soddisfacenti e il Consiglio ha proposto la ripartizione degli utili agli azionisti. Si comunica che il fallimento è stato dichiarato con sentenza del Tribunale e che il curatore provvisorio ha fissato l'adunanza dei creditori per la verifica dei crediti nella sala del Tribunale. Il giudice delegato ha disposto la vendita all'asta dei beni del fallito. Creditori ammessi al passivo per la somma di lire; attivo presunto lire; si propone un concordato al trenta per cento pagabile in rate trimestrali sono stati deliberati alcuni provvedimenti a favore del personale e si è discusso il bilancio dell'esercizio decorso. La Società ha ottenuto risultati soddisfacenti e il Consiglio ha proposto la ripartizione degli utili agli azionisti. Si comunica che il fallimento è stato dichiarato con sentenza del Tribunale e che il curatore provvisorio ha fissato l'adunanza dei creditori per la verifica dei crediti nella sala del Tribunale. Il giudice delegato ha disposto la vendita all'asta dei beni del fallito. Creditori ammessi al passivo per la somma di lire; attivo presunto lire; si propone un concordato al trenta per cento pagabile in rate trimestrali

SPETTACOLI D'OGGI

sono stati deliberati alcuni provvedimenti a favore del personale e si è discusso il bilancio dell'esercizio decorso. La Società ha ottenuto risultati soddisfacenti e il Consiglio ha proposto la ripartizione degli utili agli azionisti. Si comunica che il fallimento è stato dichiarato con sentenza del Tribunale e che il curatore provvisorio ha fissato l'adunanza dei creditori per la verifica dei crediti nella sala del Tribunale. Il giudice delegato ha disposto la vendita all'asta dei beni del fallito. Creditori ammessi al passivo per la somma di lire; attivo presunto lire; si propone un concordato al trenta per cento pagabile in rate trimestrali

LOTTO PUBBLICO
Milano, 31 gennaio 1921
Milano	21 - 15 - 12 - 53 - 55
Bari	28 - 16 - 73 - 33 - 62
Firenze	63 - 2 - 12 - 11 - 54
Napoli	31 - 49 - 18 - 60 - 53
Palermo	4 - 5 - 1 - 42 - 71
Roma	1 - 20 - 3 - 7 - 41
Torino	20 - 19 - 55 - 51 - 41
Venezia 35 - 26 - 28 - 17 - 47

sono stati deliberati alcuni provvedimenti a favore del personale e si è discusso il bilancio dell'esercizio decorso. La Società ha ottenuto risultati soddisfacenti e il Consiglio ha proposto la ripartizione degli utili agli azionisti. Si comunica che il fallimento è stato dichiarato con sentenza del Tribunale e che il curatore provvisorio ha fissato l'adunanza dei creditori per la verifica dei crediti nella sala del Tribunale. Il giudice delegato ha disposto la vendita all'asta dei beni del fallito. Creditori ammessi al passivo per la somma di lire; attivo presunto lire; si propone un concordato al trenta per cento pagabile in rate trimestrali
